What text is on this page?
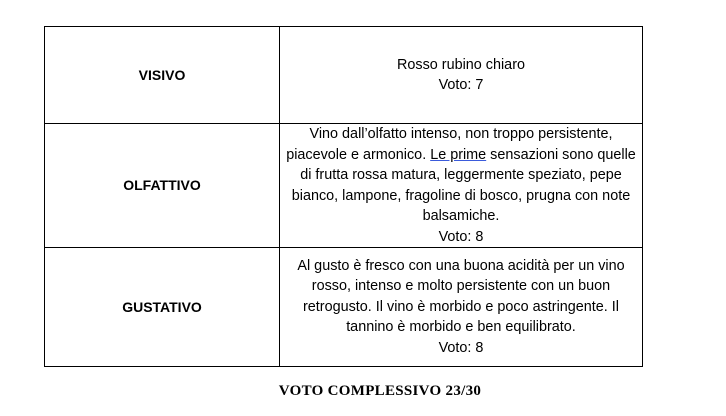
VISIVO	Rosso rubino chiaro
Voto: 7

OLFATTIVO	Vino dall’olfatto intenso, non troppo persistente, piacevole e armonico. Le prime sensazioni sono quelle di frutta rossa matura, leggermente speziato, pepe bianco, lampone, fragoline di bosco, prugna con note balsamiche.
Voto: 8

GUSTATIVO	Al gusto è fresco con una buona acidità per un vino rosso, intenso e molto persistente con un buon retrogusto. Il vino è morbido e poco astringente. Il tannino è morbido e ben equilibrato.
Voto: 8
VOTO COMPLESSIVO 23/30
